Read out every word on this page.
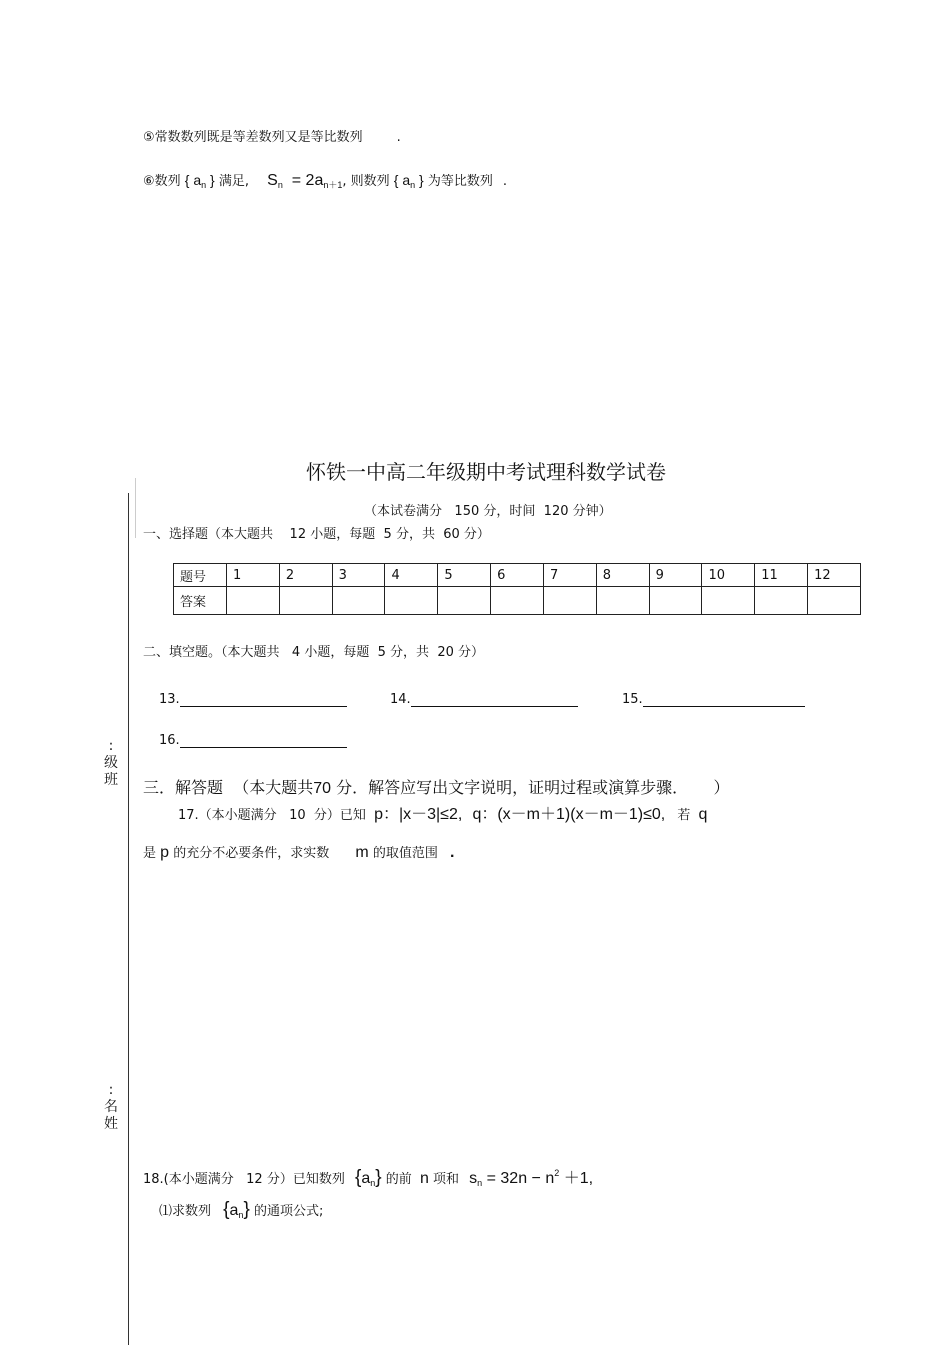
⑤常数数列既是等差数列又是等比数列	.
⑥数列 { $a_n$ } 满足, $S_n = 2a_{n+1}$, 则数列 { $a_n$ } 为等比数列 .
怀铁一中高二年级期中考试理科数学试卷
（本试卷满分 150 分，时间 120 分钟）
一、选择题（本大题共 12 小题，每题 5 分，共 60 分）
题号	1	2	3	4	5	6	7	8	9	10	11	12
答案												
二、填空题。（本大题共 4 小题，每题 5 分，共 20 分）
13.	14.	15.
16.
:
级
班
:
名
姓
三．解答题 （本大题共70 分．解答应写出文字说明，证明过程或演算步骤． ）
17.（本小题满分 10 分）已知 p：|x－3|≤2, q：(x－m＋1)(x－m－1)≤0, 若 q
是 p 的充分不必要条件，求实数 m 的取值范围 .
18.(本小题满分 12 分）已知数列 $\{a_n\}$ 的前 n 项和 $s_n = 32n - n^2 +1$,
⑴求数列 $\{a_n\}$ 的通项公式;
